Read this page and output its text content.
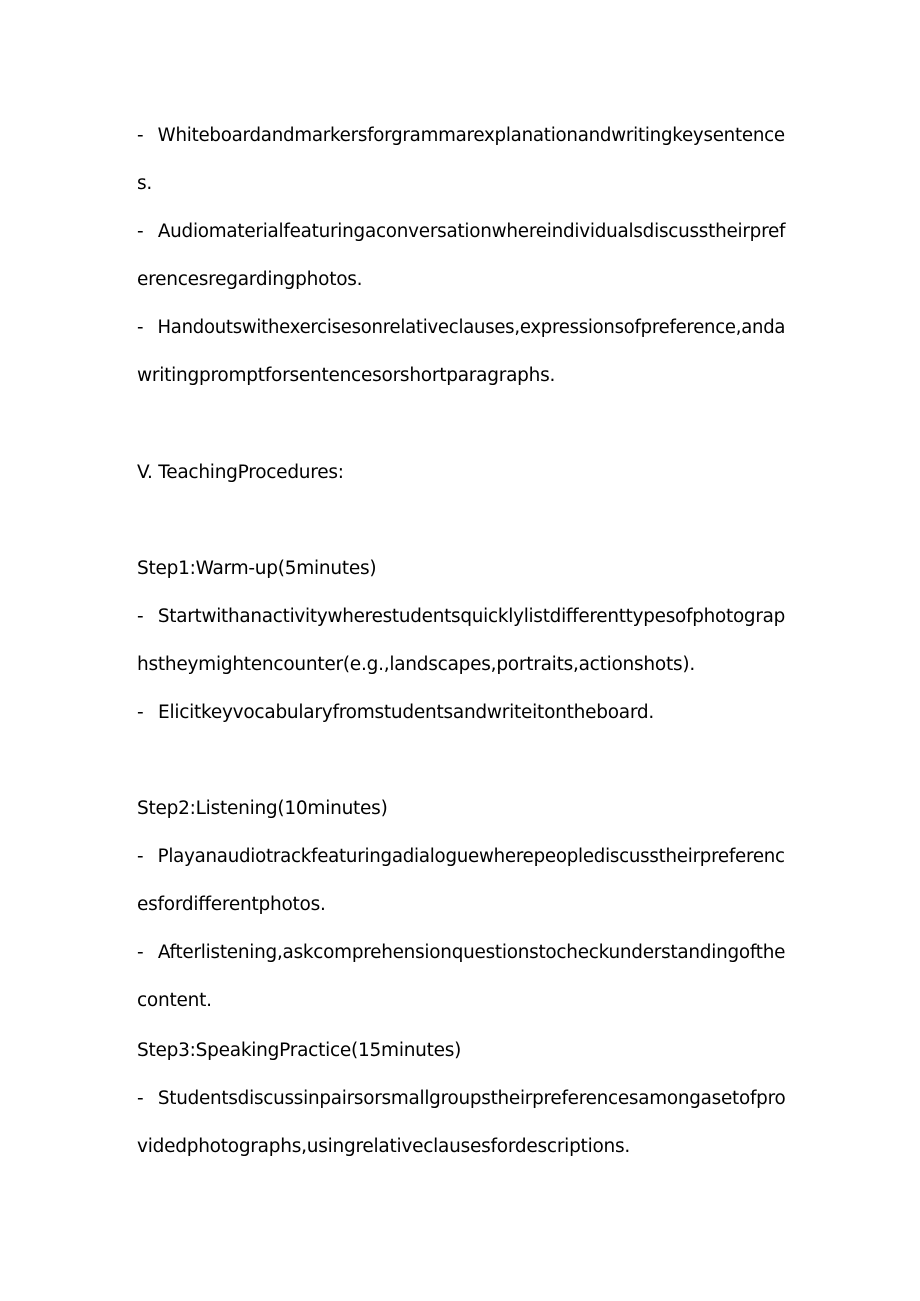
- Whiteboardandmarkersforgrammarexplanationandwritingkeysentence
s.
- Audiomaterialfeaturingaconversationwhereindividualsdiscusstheirpref
erencesregardingphotos.
- Handoutswithexercisesonrelativeclauses,expressionsofpreference,anda
writingpromptforsentencesorshortparagraphs.
V. TeachingProcedures:
Step1:Warm-up(5minutes)
- Startwithanactivitywherestudentsquicklylistdifferenttypesofphotograp
hstheymightencounter(e.g.,landscapes,portraits,actionshots).
- Elicitkeyvocabularyfromstudentsandwriteitontheboard.
Step2:Listening(10minutes)
- Playanaudiotrackfeaturingadialoguewherepeoplediscusstheirpreferenc
esfordifferentphotos.
- Afterlistening,askcomprehensionquestionstocheckunderstandingofthe
content.
Step3:SpeakingPractice(15minutes)
- Studentsdiscussinpairsorsmallgroupstheirpreferencesamongasetofpro
videdphotographs,usingrelativeclausesfordescriptions.
